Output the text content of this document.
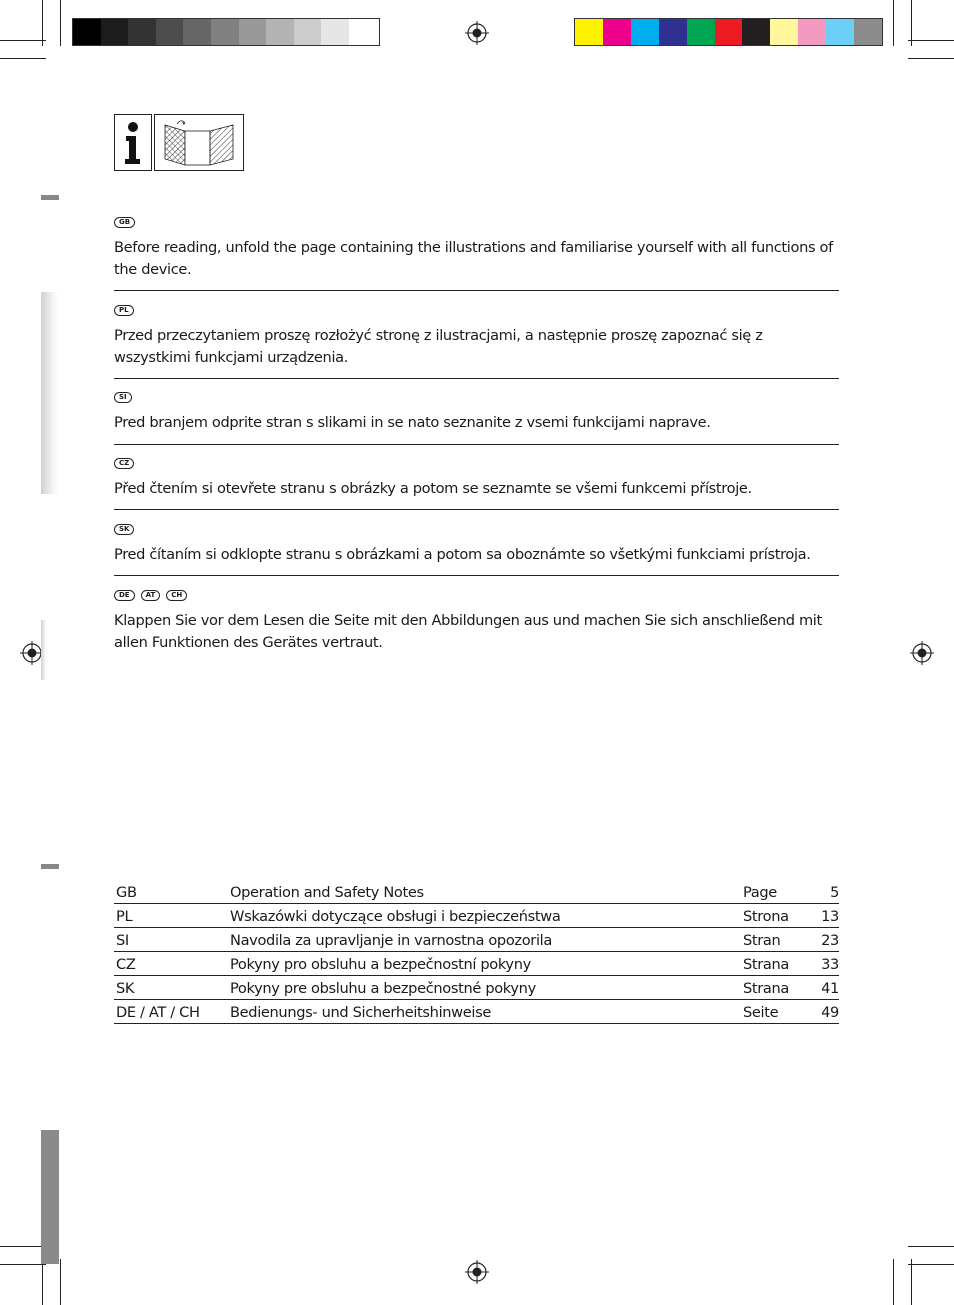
GB

Before reading, unfold the page containing the illustrations and familiarise yourself with all functions of the device.

PL

Przed przeczytaniem proszę rozłożyć stronę z ilustracjami, a następnie proszę zapoznać się z wszystkimi funkcjami urządzenia.

SI

Pred branjem odprite stran s slikami in se nato seznanite z vsemi funkcijami naprave.

CZ

Před čtením si otevřete stranu s obrázky a potom se seznamte se všemi funkcemi přístroje.

SK

Pred čítaním si odklopte stranu s obrázkami a potom sa oboznámte so všetkými funkciami prístroja.

DE	AT	CH

Klappen Sie vor dem Lesen die Seite mit den Abbildungen aus und machen Sie sich anschließend mit allen Funktionen des Gerätes vertraut.

GB	Operation and Safety Notes	Page	5
PL	Wskazówki dotyczące obsługi i bezpieczeństwa	Strona	13
SI	Navodila za upravljanje in varnostna opozorila	Stran	23
CZ	Pokyny pro obsluhu a bezpečnostní pokyny	Strana	33
SK	Pokyny pre obsluhu a bezpečnostné pokyny	Strana	41
DE / AT / CH	Bedienungs- und Sicherheitshinweise	Seite	49
